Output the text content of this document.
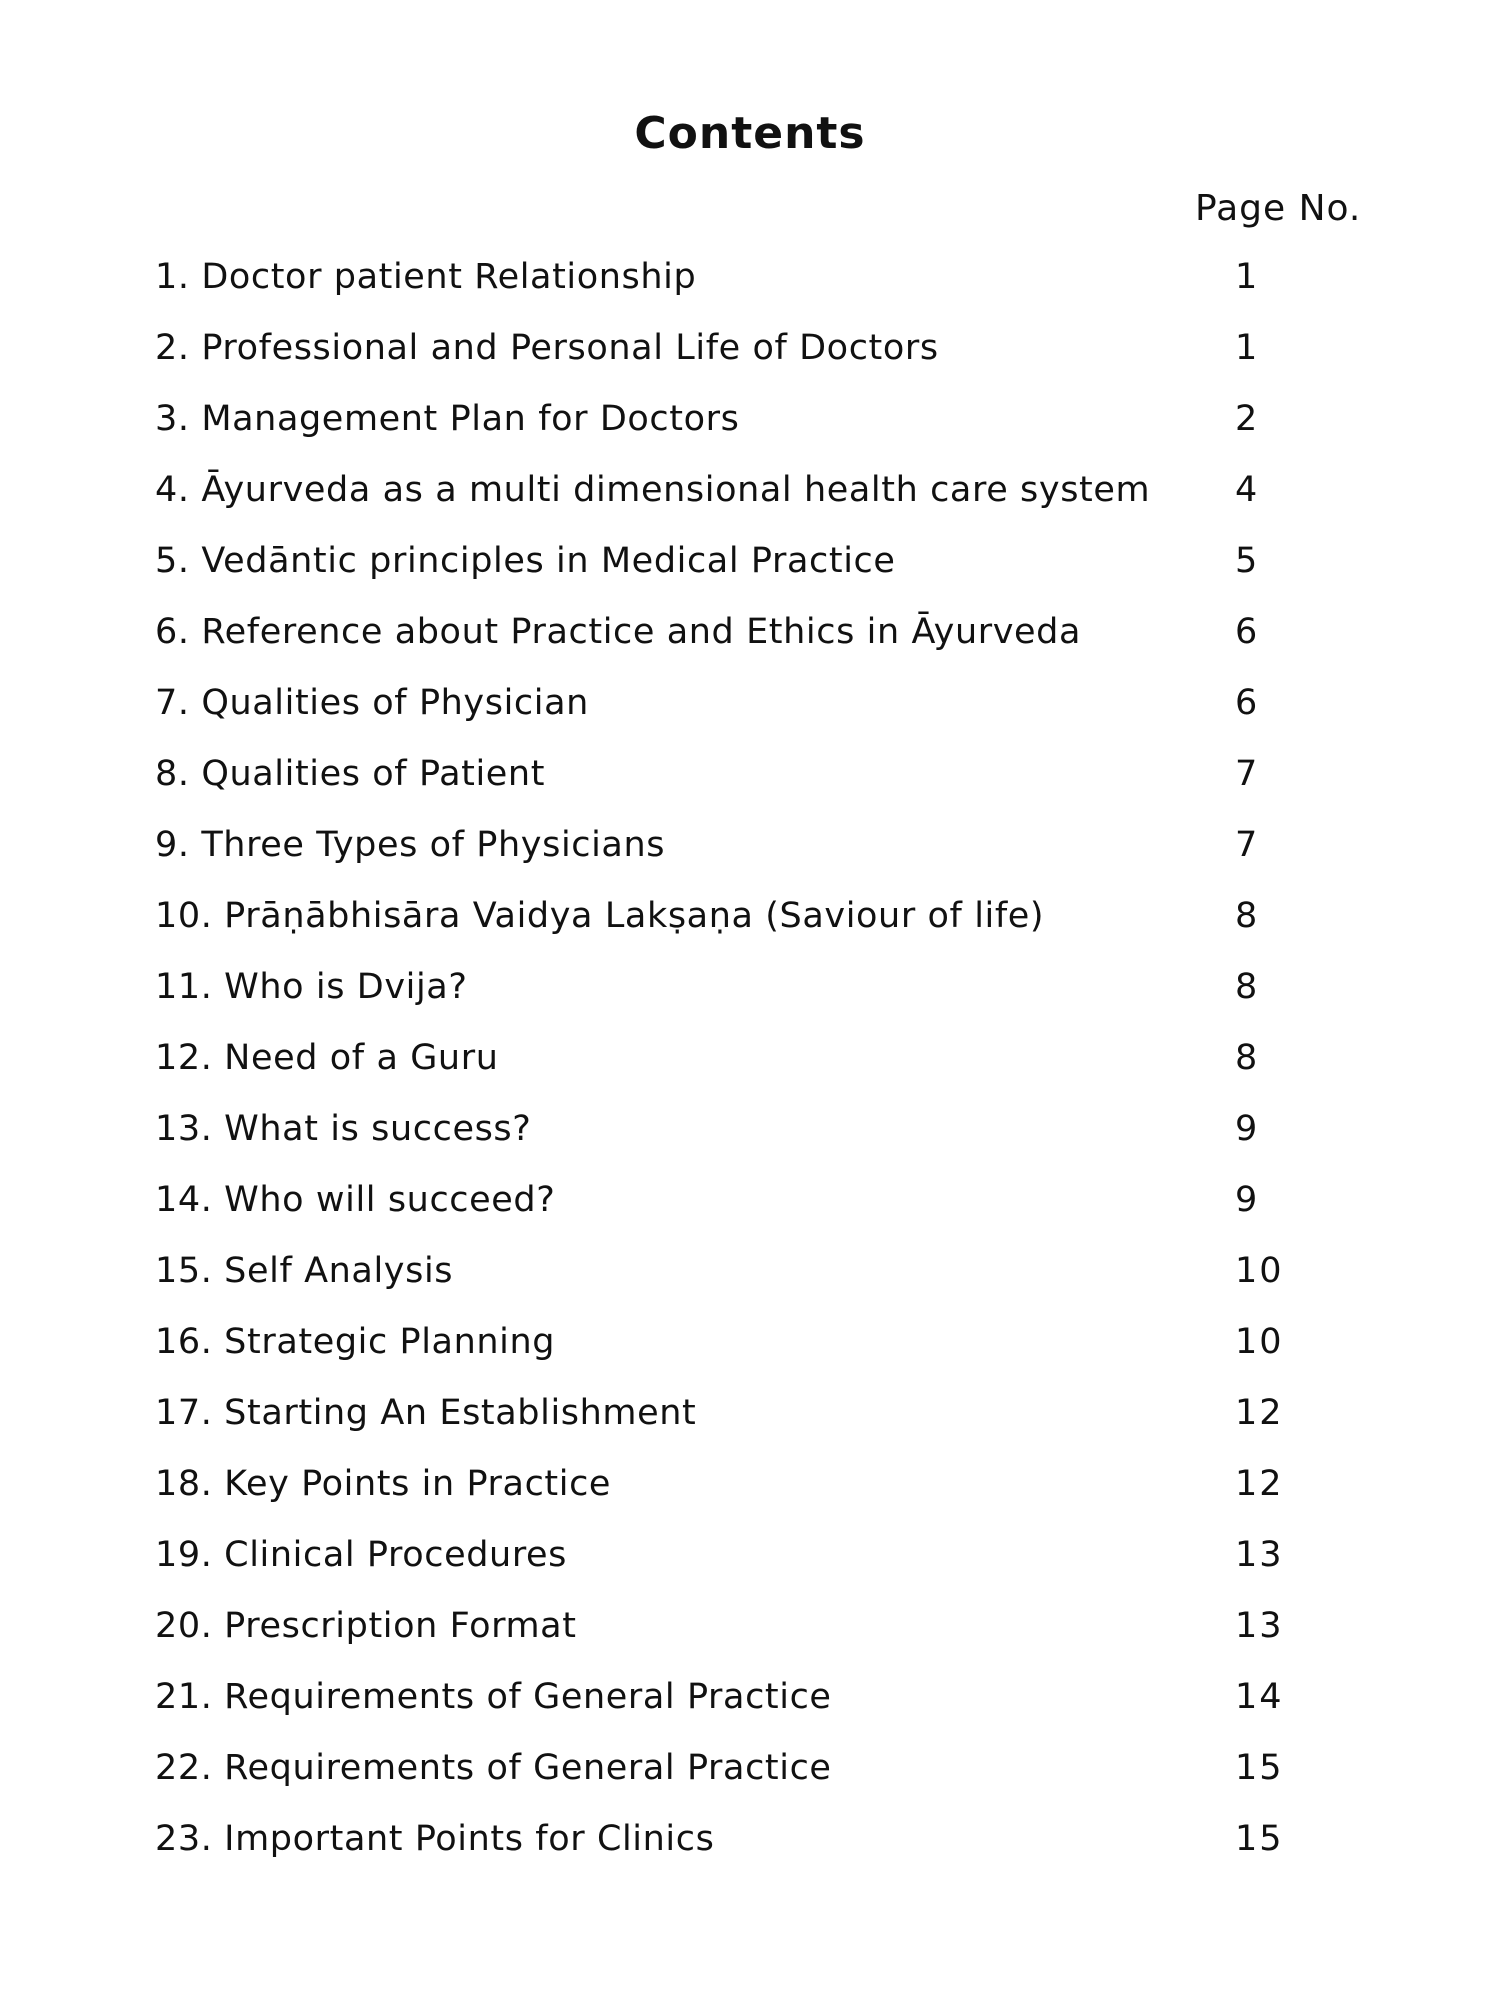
Contents
Page No.
1. Doctor patient Relationship	1
2. Professional and Personal Life of Doctors	1
3. Management Plan for Doctors	2
4. Āyurveda as a multi dimensional health care system 4
5. Vedāntic principles in Medical Practice	5
6. Reference about Practice and Ethics in Āyurveda	6
7. Qualities of Physician	6
8. Qualities of Patient	7
9. Three Types of Physicians	7
10. Prāṇābhisāra Vaidya Lakṣaṇa (Saviour of life)	8
11. Who is Dvija?	8
12. Need of a Guru	8
13. What is success?	9
14. Who will succeed?	9
15. Self Analysis	10
16. Strategic Planning	10
17. Starting An Establishment	12
18. Key Points in Practice	12
19. Clinical Procedures	13
20. Prescription Format	13
21. Requirements of General Practice	14
22. Requirements of General Practice	15
23. Important Points for Clinics	15
